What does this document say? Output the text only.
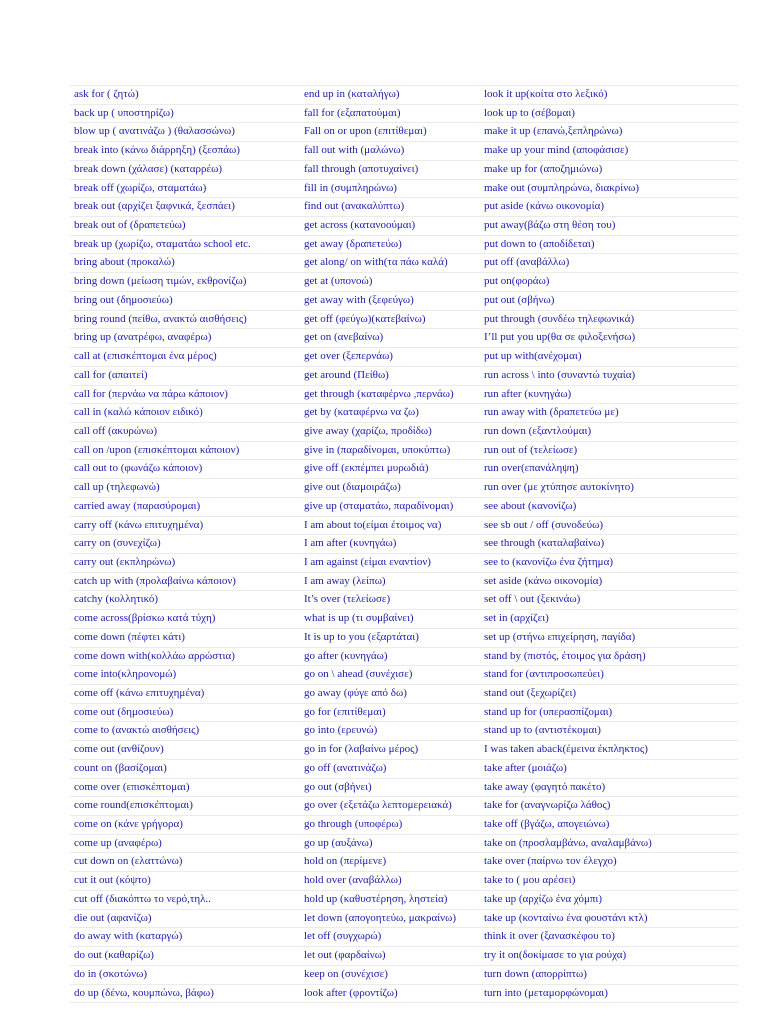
ask for ( ζητώ)	end up in (καταλήγω)	look it up(κοίτα στο λεξικό)
back up ( υποστηρίζω)	fall for (εξαπατούμαι)	look up to (σέβομαι)
blow up ( ανατινάζω ) (θαλασσώνω)	Fall on or upon (επιτίθεμαι)	make it up (επανώ,ξεπληρώνω)
break into (κάνω διάρρηξη) (ξεσπάω)	fall out with (μαλώνω)	make up your mind (αποφάσισε)
break down (χάλασε) (καταρρέω)	fall through (αποτυχαίνει)	make up for (αποζημιώνω)
break off (χωρίζω, σταματάω)	fill in (συμπληρώνω)	make out (συμπληρώνω, διακρίνω)
break out (αρχίζει ξαφνικά, ξεσπάει)	find out (ανακαλύπτω)	put aside (κάνω οικονομία)
break out of (δραπετεύω)	get across (κατανοούμαι)	put away(βάζω στη θέση του)
break up (χωρίζω, σταματάω school etc.	get away (δραπετεύω)	put down to (αποδίδεται)
bring about (προκαλώ)	get along/ on with(τα πάω καλά)	put off (αναβάλλω)
bring down (μείωση τιμών, εκθρονίζω)	get at (υπονοώ)	put on(φοράω)
bring out (δημοσιεύω)	get away with (ξεφεύγω)	put out (σβήνω)
bring round (πείθω, ανακτώ αισθήσεις)	get off (φεύγω)(κατεβαίνω)	put through (συνδέω τηλεφωνικά)
bring up (ανατρέφω, αναφέρω)	get on (ανεβαίνω)	I’ll put you up(θα σε φιλοξενήσω)
call at (επισκέπτομαι ένα μέρος)	get over (ξεπερνάω)	put up with(ανέχομαι)
call for (απαιτεί)	get around (Πείθω)	run across \ into (συναντώ τυχαία)
call for (περνάω να πάρω κάποιον)	get through (καταφέρνω ,περνάω)	run after (κυνηγάω)
call in (καλώ κάποιον ειδικό)	get by (καταφέρνω να ζω)	run away with (δραπετεύω με)
call off (ακυρώνω)	give away (χαρίζω, προδίδω)	run down (εξαντλούμαι)
call on /upon (επισκέπτομαι κάποιον)	give in (παραδίνομαι, υποκύπτω)	run out of (τελείωσε)
call out to (φωνάζω κάποιον)	give off (εκπέμπει μυρωδιά)	run over(επανάληψη)
call up (τηλεφωνώ)	give out (διαμοιράζω)	run over (με χτύπησε αυτοκίνητο)
carried away (παρασύρομαι)	give up (σταματάω, παραδίνομαι)	see about (κανονίζω)
carry off (κάνω επιτυχημένα)	I am about to(είμαι έτοιμος να)	see sb out / off (συνοδεύω)
carry on (συνεχίζω)	I am after (κυνηγάω)	see through (καταλαβαίνω)
carry out (εκπληρώνω)	I am against (είμαι εναντίον)	see to (κανονίζω ένα ζήτημα)
catch up with (προλαβαίνω κάποιον)	I am away (λείπω)	set aside (κάνω οικονομία)
catchy (κολλητικό)	It’s over (τελείωσε)	set off \ out (ξεκινάω)
come across(βρίσκω κατά τύχη)	what is up (τι συμβαίνει)	set in (αρχίζει)
come down (πέφτει κάτι)	It is up to you (εξαρτάται)	set up (στήνω επιχείρηση, παγίδα)
come down with(κολλάω αρρώστια)	go after (κυνηγάω)	stand by (πιστός, έτοιμος για δράση)
come into(κληρονομώ)	go on \ ahead (συνέχισε)	stand for (αντιπροσωπεύει)
come off (κάνω επιτυχημένα)	go away (φύγε από δω)	stand out (ξεχωρίζει)
come out (δημοσιεύω)	go for (επιτίθεμαι)	stand up for (υπερασπίζομαι)
come to (ανακτώ αισθήσεις)	go into (ερευνώ)	stand up to (αντιστέκομαι)
come out (ανθίζουν)	go in for (λαβαίνω μέρος)	I was taken aback(έμεινα έκπληκτος)
count on (βασίζομαι)	go off (ανατινάζω)	take after (μοιάζω)
come over (επισκέπτομαι)	go out (σβήνει)	take away (φαγητό πακέτο)
come round(επισκέπτομαι)	go over (εξετάζω λεπτομερειακά)	take for (αναγνωρίζω λάθος)
come on (κάνε γρήγορα)	go through (υποφέρω)	take off (βγάζω, απογειώνω)
come up (αναφέρω)	go up (αυξάνω)	take on (προσλαμβάνω, αναλαμβάνω)
cut down on (ελαττώνω)	hold on (περίμενε)	take over (παίρνω τον έλεγχο)
cut it out (κόψτο)	hold over (αναβάλλω)	take to ( μου αρέσει)
cut off (διακόπτω το νερό,τηλ..	hold up (καθυστέρηση, ληστεία)	take up (αρχίζω ένα χόμπι)
die out (αφανίζω)	let down (απογοητεύω, μακραίνω)	take up (κονταίνω ένα φουστάνι κτλ)
do away with (καταργώ)	let off (συγχωρώ)	think it over (ξανασκέφου το)
do out (καθαρίζω)	let out (φαρδαίνω)	try it on(δοκίμασε το για ρούχα)
do in (σκοτώνω)	keep on (συνέχισε)	turn down (απορρίπτω)
do up (δένω, κουμπώνω, βάφω)	look after (φροντίζω)	turn into (μεταμορφώνομαι)
